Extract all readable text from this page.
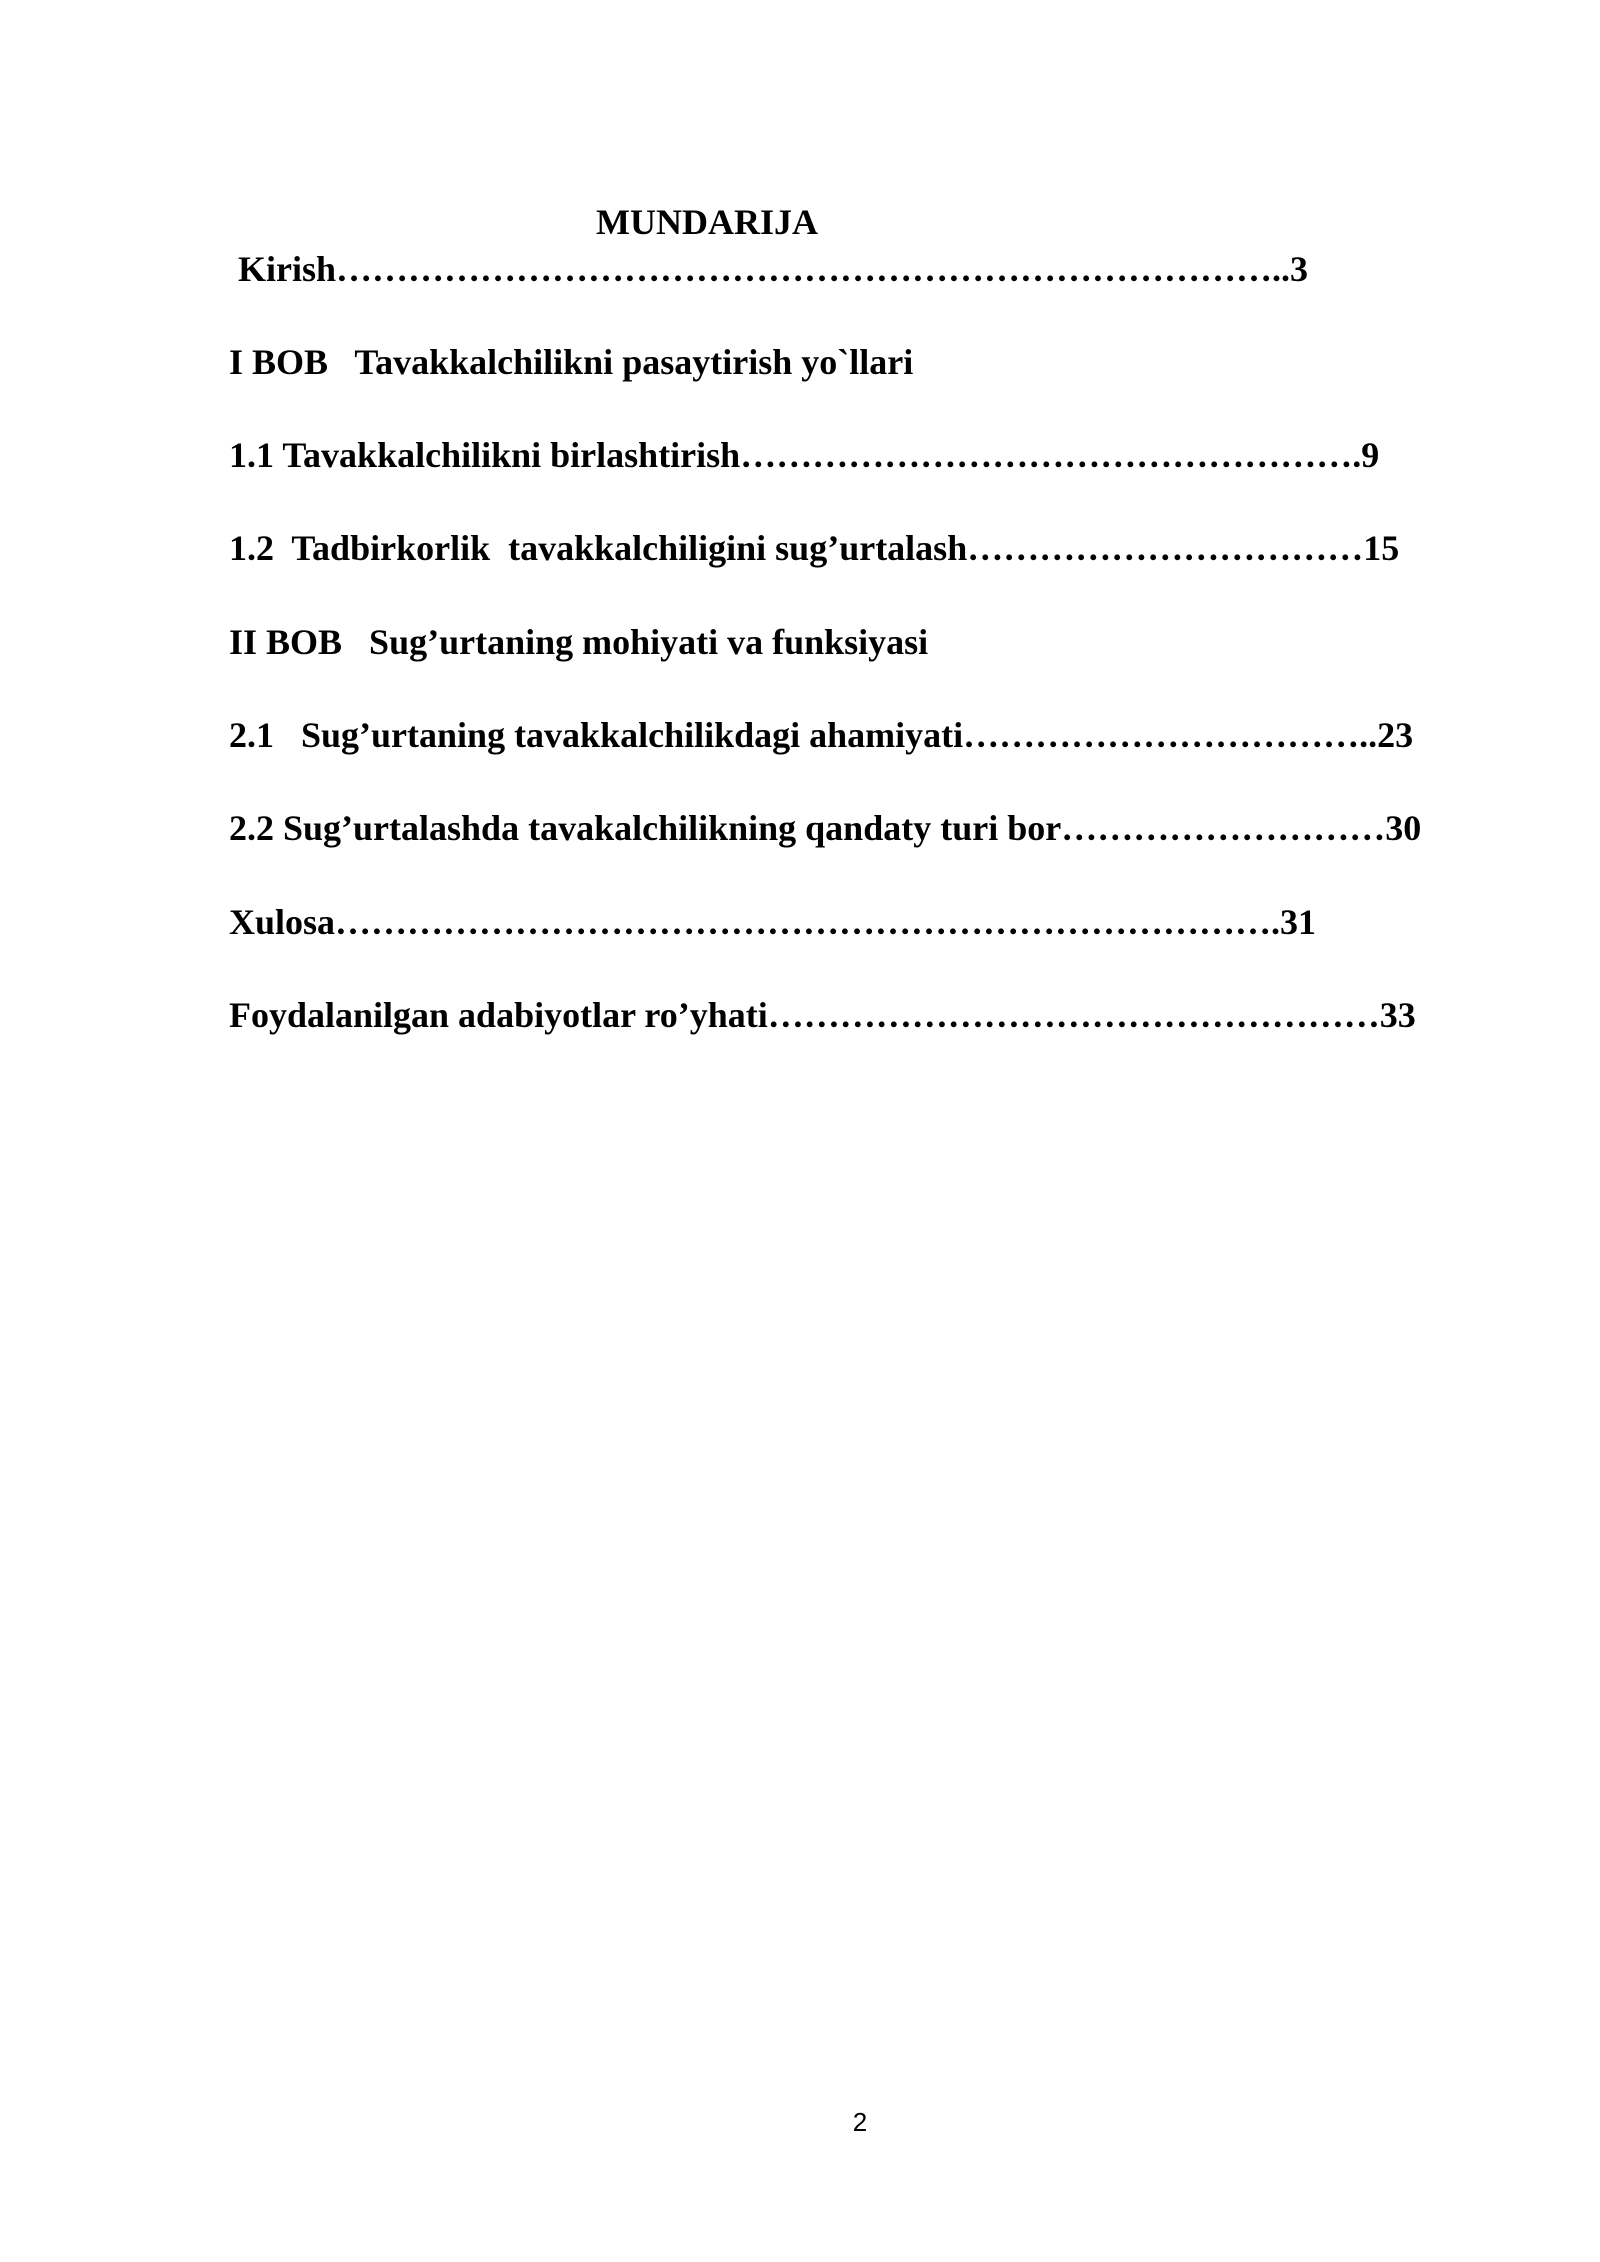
MUNDARIJA
Kirish……………………………………………………………………..3
I BOB   Tavakkalchilikni pasaytirish yo`llari
1.1 Tavakkalchilikni birlashtirish…………………………………………….9
1.2  Tadbirkorlik  tavakkalchiligini sug’urtalash……………………………15
II BOB   Sug’urtaning mohiyati va funksiyasi
2.1   Sug’urtaning tavakkalchilikdagi ahamiyati……………………………..23
2.2 Sug’urtalashda tavakalchilikning qandaty turi bor………………………30
Xulosa…………………………………………………………………….31
Foydalanilgan adabiyotlar ro’yhati……………………………………………33
2
